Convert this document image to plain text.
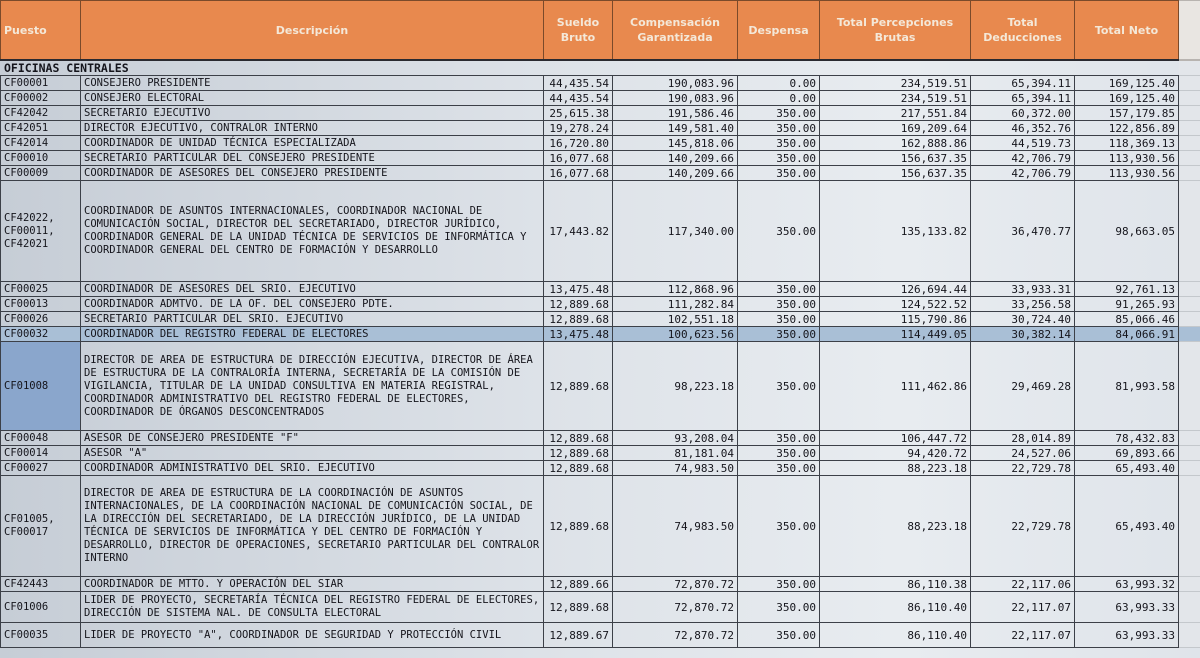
Puesto	Descripción	Sueldo Bruto	Compensación Garantizada	Despensa	Total Percepciones Brutas	Total Deducciones	Total Neto	
OFICINAS CENTRALES								
CF00001	CONSEJERO PRESIDENTE	44,435.54	190,083.96	0.00	234,519.51	65,394.11	169,125.40	
CF00002	CONSEJERO ELECTORAL	44,435.54	190,083.96	0.00	234,519.51	65,394.11	169,125.40	
CF42042	SECRETARIO EJECUTIVO	25,615.38	191,586.46	350.00	217,551.84	60,372.00	157,179.85	
CF42051	DIRECTOR EJECUTIVO, CONTRALOR INTERNO	19,278.24	149,581.40	350.00	169,209.64	46,352.76	122,856.89	
CF42014	COORDINADOR DE UNIDAD TÉCNICA ESPECIALIZADA	16,720.80	145,818.06	350.00	162,888.86	44,519.73	118,369.13	
CF00010	SECRETARIO PARTICULAR DEL CONSEJERO PRESIDENTE	16,077.68	140,209.66	350.00	156,637.35	42,706.79	113,930.56	
CF00009	COORDINADOR DE ASESORES DEL CONSEJERO PRESIDENTE	16,077.68	140,209.66	350.00	156,637.35	42,706.79	113,930.56	
CF42022, CF00011, CF42021	COORDINADOR DE ASUNTOS INTERNACIONALES, COORDINADOR NACIONAL DE COMUNICACIÓN SOCIAL, DIRECTOR DEL SECRETARIADO, DIRECTOR JURÍDICO, COORDINADOR GENERAL DE LA UNIDAD TÉCNICA DE SERVICIOS DE INFORMÁTICA Y COORDINADOR GENERAL DEL CENTRO DE FORMACIÓN Y DESARROLLO	17,443.82	117,340.00	350.00	135,133.82	36,470.77	98,663.05	
CF00025	COORDINADOR DE ASESORES DEL SRIO. EJECUTIVO	13,475.48	112,868.96	350.00	126,694.44	33,933.31	92,761.13	
CF00013	COORDINADOR ADMTVO. DE LA OF. DEL CONSEJERO PDTE.	12,889.68	111,282.84	350.00	124,522.52	33,256.58	91,265.93	
CF00026	SECRETARIO PARTICULAR DEL SRIO. EJECUTIVO	12,889.68	102,551.18	350.00	115,790.86	30,724.40	85,066.46	
CF00032	COORDINADOR DEL REGISTRO FEDERAL DE ELECTORES	13,475.48	100,623.56	350.00	114,449.05	30,382.14	84,066.91	
CF01008	DIRECTOR DE AREA DE ESTRUCTURA DE DIRECCIÓN EJECUTIVA, DIRECTOR DE ÁREA DE ESTRUCTURA DE LA CONTRALORÍA INTERNA, SECRETARÍA DE LA COMISIÓN DE VIGILANCIA, TITULAR DE LA UNIDAD CONSULTIVA EN MATERIA REGISTRAL, COORDINADOR ADMINISTRATIVO DEL REGISTRO FEDERAL DE ELECTORES, COORDINADOR DE ÓRGANOS DESCONCENTRADOS	12,889.68	98,223.18	350.00	111,462.86	29,469.28	81,993.58	
CF00048	ASESOR DE CONSEJERO PRESIDENTE "F"	12,889.68	93,208.04	350.00	106,447.72	28,014.89	78,432.83	
CF00014	ASESOR "A"	12,889.68	81,181.04	350.00	94,420.72	24,527.06	69,893.66	
CF00027	COORDINADOR ADMINISTRATIVO DEL SRIO. EJECUTIVO	12,889.68	74,983.50	350.00	88,223.18	22,729.78	65,493.40	
CF01005, CF00017	DIRECTOR DE AREA DE ESTRUCTURA DE LA COORDINACIÓN DE ASUNTOS INTERNACIONALES, DE LA COORDINACIÓN NACIONAL DE COMUNICACIÓN SOCIAL, DE LA DIRECCIÓN DEL SECRETARIADO, DE LA DIRECCIÓN JURÍDICO, DE LA UNIDAD TÉCNICA DE SERVICIOS DE INFORMÁTICA Y DEL CENTRO DE FORMACIÓN Y DESARROLLO, DIRECTOR DE OPERACIONES, SECRETARIO PARTICULAR DEL CONTRALOR INTERNO	12,889.68	74,983.50	350.00	88,223.18	22,729.78	65,493.40	
CF42443	COORDINADOR DE MTTO. Y OPERACIÓN DEL SIAR	12,889.66	72,870.72	350.00	86,110.38	22,117.06	63,993.32	
CF01006	LIDER DE PROYECTO, SECRETARÍA TÉCNICA DEL REGISTRO FEDERAL DE ELECTORES, DIRECCIÓN DE SISTEMA NAL. DE CONSULTA ELECTORAL	12,889.68	72,870.72	350.00	86,110.40	22,117.07	63,993.33	
CF00035	LIDER DE PROYECTO "A", COORDINADOR DE SEGURIDAD Y PROTECCIÓN CIVIL	12,889.67	72,870.72	350.00	86,110.40	22,117.07	63,993.33	
